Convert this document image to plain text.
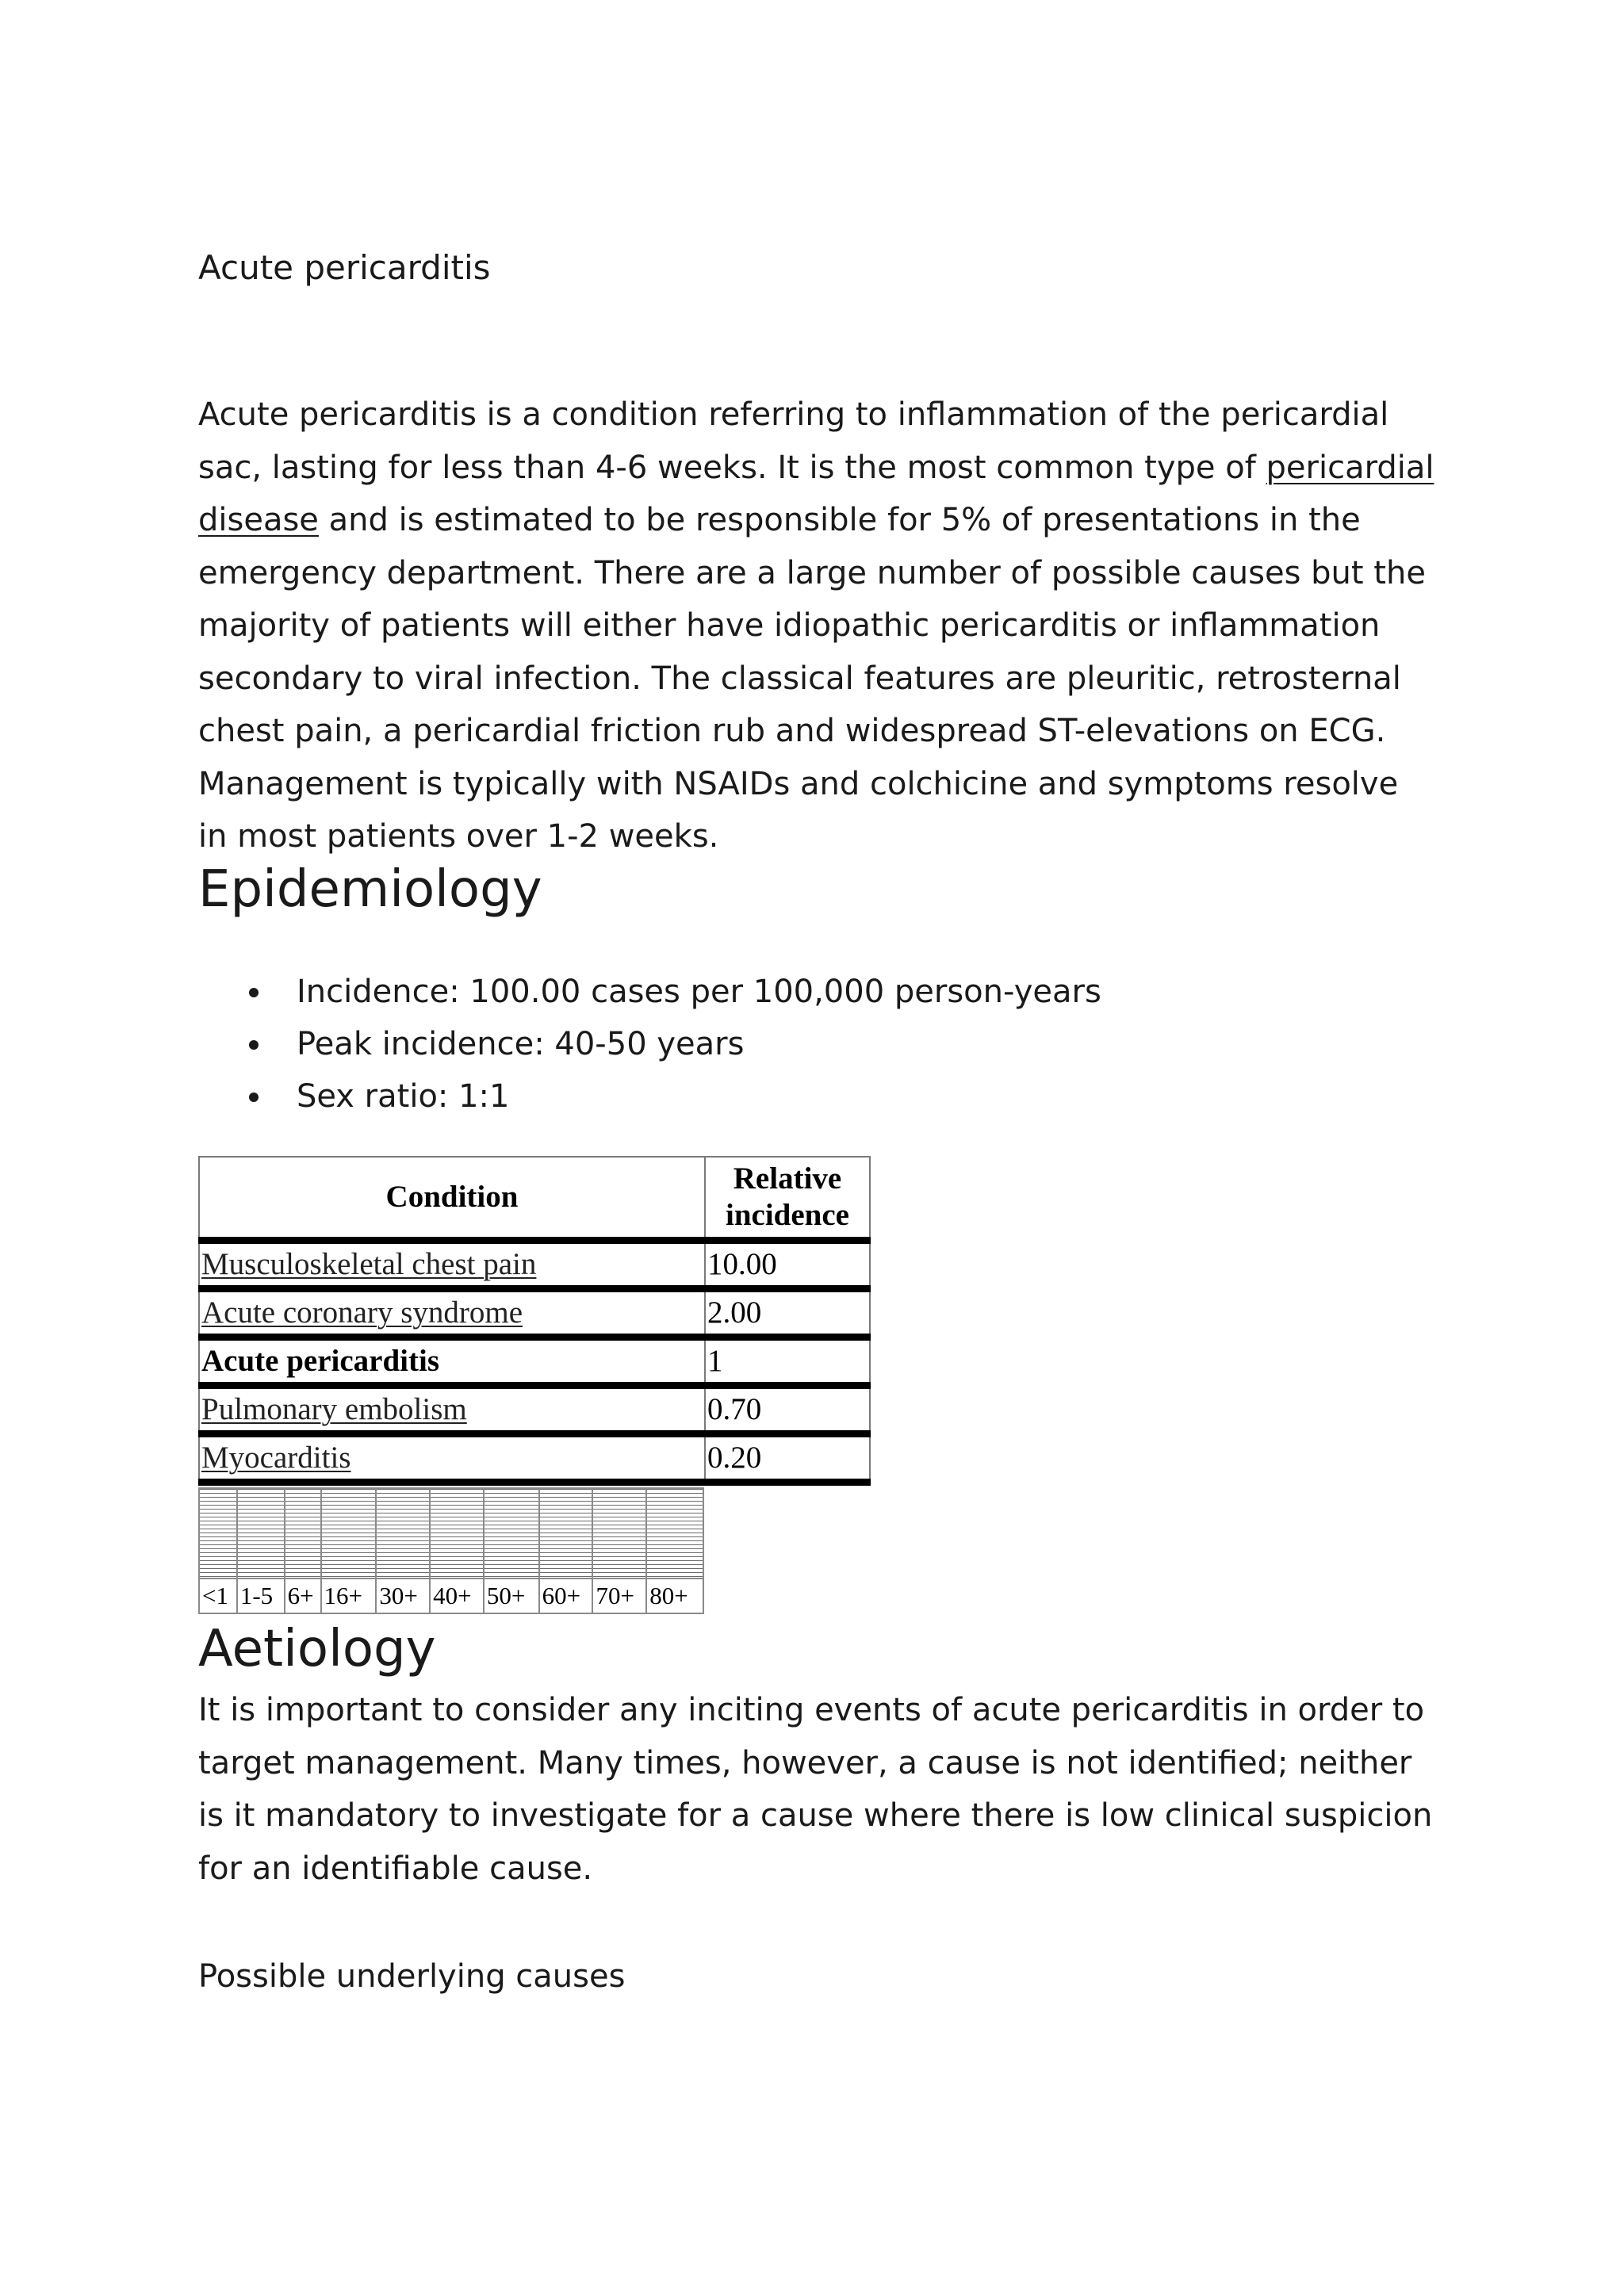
Acute pericarditis

Acute pericarditis is a condition referring to inflammation of the pericardial sac, lasting for less than 4-6 weeks. It is the most common type of pericardial disease and is estimated to be responsible for 5% of presentations in the emergency department. There are a large number of possible causes but the majority of patients will either have idiopathic pericarditis or inflammation secondary to viral infection. The classical features are pleuritic, retrosternal chest pain, a pericardial friction rub and widespread ST-elevations on ECG. Management is typically with NSAIDs and colchicine and symptoms resolve in most patients over 1-2 weeks.

Epidemiology
Incidence: 100.00 cases per 100,000 person-years
Peak incidence: 40-50 years
Sex ratio: 1:1
Condition	Relative incidence
Musculoskeletal chest pain	10.00
Acute coronary syndrome	2.00
Acute pericarditis	1
Pulmonary embolism	0.70
Myocarditis	0.20
<1 1-5 6+ 16+ 30+ 40+ 50+ 60+ 70+ 80+
Aetiology

It is important to consider any inciting events of acute pericarditis in order to target management. Many times, however, a cause is not identified; neither is it mandatory to investigate for a cause where there is low clinical suspicion for an identifiable cause.

Possible underlying causes
